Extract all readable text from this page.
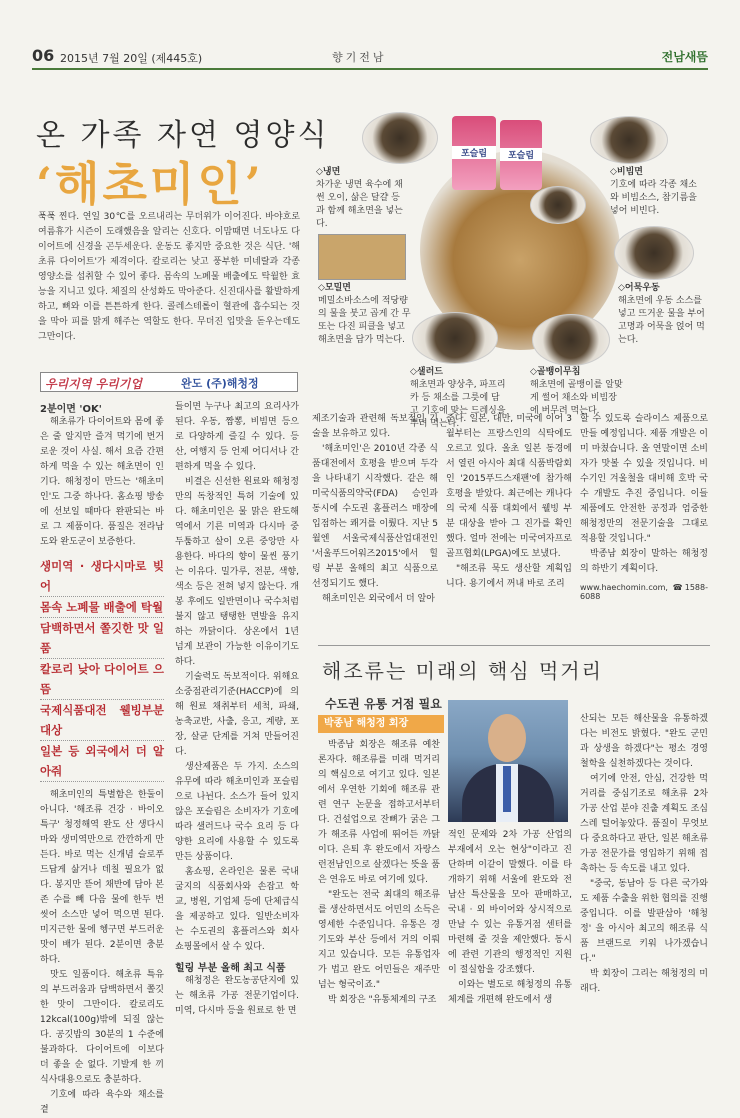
06 2015년 7월 20일 (제445호)	향기전남	전남새뜸
온 가족 자연 영양식
‘해초미인’
푹푹 찐다. 연일 30℃를 오르내리는 무더위가 이어진다. 바야흐로 여름휴가 시즌이 도래했음을 알리는 신호다. 이맘때면 너도나도 다이어트에 신경을 곤두세운다. 운동도 좋지만 중요한 것은 식단. '해초류 다이어트'가 제격이다. 칼로리는 낮고 풍부한 미네랄과 각종 영양소를 섭취할 수 있어 좋다. 몸속의 노폐물 배출에도 탁월한 효능을 지니고 있다. 체질의 산성화도 막아준다. 신진대사를 활발하게 하고, 뼈와 이를 튼튼하게 한다. 콜레스테롤이 혈관에 흡수되는 것을 막아 피를 맑게 해주는 역할도 한다. 무더진 입맛을 돋우는데도 그만이다.
포슬림	포슬림
◇냉면
차가운 냉면 육수에 채 썬 오이, 삶은 달걀 등과 함께 해초면을 넣는다.
◇비빔면
기호에 따라 각종 채소와 비빔소스, 참기름을 넣어 비빈다.
◇모밀면
메밀소바소스에 적당량의 물을 붓고 곱게 간 무 또는 다진 피클을 넣고 해초면을 담가 먹는다.
◇어묵우동
해초면에 우동 소스를 넣고 뜨거운 물을 부어 고명과 어묵을 얹어 먹는다.
◇샐러드
해초면과 양상추, 파프리카 등 채소를 그릇에 담고 기호에 맞는 드레싱을 뿌려 먹는다.
◇골뱅이무침
해초면에 골뱅이를 알맞게 썰어 채소와 비빔장에 버무려 먹는다.
우리지역 우리기업	완도 (주)해청정
2분이면 'OK'

해초류가 다이어트와 몸에 좋은 줄 알지만 즐겨 먹기에 번거로운 것이 사실. 해서 요즘 간편하게 먹을 수 있는 해초면이 인기다. 해청정이 만드는 '해초미인'도 그중 하나다. 홈쇼핑 방송에 선보일 때마다 완판되는 바로 그 제품이다. 품질은 전라남도와 완도군이 보증한다.

생미역 · 생다시마로 빚어
몸속 노폐물 배출에 탁월
담백하면서 쫄깃한 맛 일품
칼로리 낮아 다이어트 으뜸
국제식품대전 웰빙부분 대상
일본 등 외국에서 더 알아줘

해초미인의 특별함은 한둘이 아니다. '해조류 건강 · 바이오 특구' 청정해역 완도 산 생다시마와 생미역만으로 깐깐하게 만든다. 바로 먹는 신개념 슬로푸드답게 삶거나 데칠 필요가 없다. 봉지만 뜯어 채반에 담아 본존 수를 빼 다음 물에 한두 번 씻어 소스만 넣어 먹으면 된다. 미지근한 물에 헹구면 부드러운 맛이 배가 된다. 2분이면 충분하다.

맛도 일품이다. 해초류 특유의 부드러움과 담백하면서 쫄깃한 맛이 그만이다. 칼로리도 12kcal(100g)밖에 되질 않는다. 공깃밥의 30분의 1 수준에 불과하다. 다이어트에 이보다 더 좋을 순 없다. 기발게 한 끼 식사대용으로도 충분하다.

기호에 따라 육수와 채소를 곁

들이면 누구나 최고의 요리사가 된다. 우동, 짬뽕, 비빔면 등으로 다양하게 즐길 수 있다. 등산, 여행지 등 언제 어디서나 간편하게 먹을 수 있다.

비결은 신선한 원료와 해청정만의 독창적인 특허 기술에 있다. 해초미인은 물 맑은 완도해역에서 기른 미역과 다시마 중 두툼하고 살이 오른 중앙만 사용한다. 바다의 향이 물씬 풍기는 이유다. 밀가루, 전분, 색향, 색소 등은 전혀 넣지 않는다. 개봉 후에도 일반면이나 국수처럼 불지 않고 탱탱한 면발을 유지하는 까닭이다. 상온에서 1년 넘게 보관이 가능한 이유이기도 하다.

기술력도 독보적이다. 위해요소중점관리기준(HACCP)에 의해 원료 채취부터 세척, 파쇄, 농축교반, 사출, 응고, 계량, 포장, 살균 단계를 거쳐 만들어진다.

생산제품은 두 가지. 소스의 유무에 따라 해초미인과 포슬림으로 나뉜다. 소스가 들어 있지 않은 포슬림은 소비자가 기호에 따라 샐러드나 국수 요리 등 다양한 요리에 사용할 수 있도록 만든 상품이다.

홈쇼핑, 온라인은 물론 국내 굴지의 식품회사와 손잡고 학교, 병원, 기업체 등에 단체급식을 제공하고 있다. 일반소비자는 수도권의 홈플러스와 회사 쇼핑몰에서 살 수 있다.

힐링 부분 올해 최고 식품

해청정은 완도농공단지에 있는 해초류 가공 전문기업이다. 미역, 다시마 등을 원료로 한 면

제조기술과 관련해 독보적인 기술을 보유하고 있다.

'해초미인'은 2010년 각종 식품대전에서 호평을 받으며 두각을 나타내기 시작했다. 같은 해 미국식품의약국(FDA) 승인과 동시에 수도권 홈플러스 매장에 입점하는 쾌거를 이뤘다. 지난 5월엔 서울국제식품산업대전인 '서울푸드어워즈2015'에서 힐링 부분 올해의 최고 식품으로 선정되기도 했다.

해초미인은 외국에서 더 알아

준다. 일본, 대만, 미국에 이어 3월부터는 프랑스인의 식탁에도 오르고 있다. 올초 일본 동경에서 열린 아시아 최대 식품박람회인 '2015푸드스재팬'에 참가해 호평을 받았다. 최근에는 캐나다의 국제 식품 대회에서 웰빙 부분 대상을 받아 그 진가를 확인했다. 얼마 전에는 미국여자프로골프협회(LPGA)에도 보냈다.

"해조류 묵도 생산할 계획입니다. 용기에서 꺼내 바로 조리

할 수 있도록 슬라이스 제품으로 만들 예정입니다. 제품 개발은 이미 마쳤습니다. 올 연말이면 소비자가 맛볼 수 있을 것입니다. 비수기인 겨울철을 대비해 호박 국수 개발도 추진 중입니다. 이들 제품에도 안전한 공정과 엄중한 해청정만의 전문기술을 그대로 적용할 것입니다."

박종남 회장이 말하는 해청정의 하반기 계획이다.

www.haechomin.com, ☎1588-6088
해조류는 미래의 핵심 먹거리
수도권 유통 거점 필요
박종남 해청정 회장

박종남 회장은 해조류 예찬론자다. 해조류를 미래 먹거리의 핵심으로 여기고 있다. 일본에서 우연한 기회에 해조류 관련 연구 논문을 접하고서부터다. 건설업으로 잔뼈가 굵은 그가 해조류 사업에 뛰어든 까닭이다. 은퇴 후 완도에서 자랑스런전남인으로 살겠다는 뜻을 품은 연유도 바로 여기에 있다.

"완도는 전국 최대의 해조류를 생산하면서도 어민의 소득은 영세한 수준입니다. 유통은 경기도와 부산 등에서 거의 이뤄지고 있습니다. 모든 유통업자가 법고 완도 어민들은 재주만 넘는 형국이죠."

박 회장은 "유통체계의 구조

적인 문제와 2차 가공 산업의 부재에서 오는 현상"이라고 진단하며 이같이 말했다. 이를 타개하기 위해 서울에 완도와 전남산 특산물을 모아 판매하고, 국내 · 외 바이어와 상시적으로 만날 수 있는 유통거점 센터를 마련해 줄 것을 제안했다. 동시에 관련 기관의 행정적인 지원이 절실함을 강조했다.

이와는 별도로 해청정의 유통 체계를 개편해 완도에서 생

산되는 모든 해산물을 유통하겠다는 비전도 밝혔다. "완도 군민과 상생을 하겠다"는 평소 경영철학을 실천하겠다는 것이다.

여기에 안전, 안심, 건강한 먹거리를 중심기조로 해초류 2차 가공 산업 분야 진출 계획도 조심스레 털어놓았다. 품질이 무엇보다 중요하다고 판단, 일본 해초류 가공 전문가를 영입하기 위해 접촉하는 등 속도를 내고 있다.

"중국, 동남아 등 다른 국가와도 제품 수출을 위한 협의를 진행 중입니다. 이를 발판삼아 '해청정' 을 아시아 최고의 해조류 식품 브랜드로 키워 나가겠습니다."

박 회장이 그리는 해청정의 미래다.
